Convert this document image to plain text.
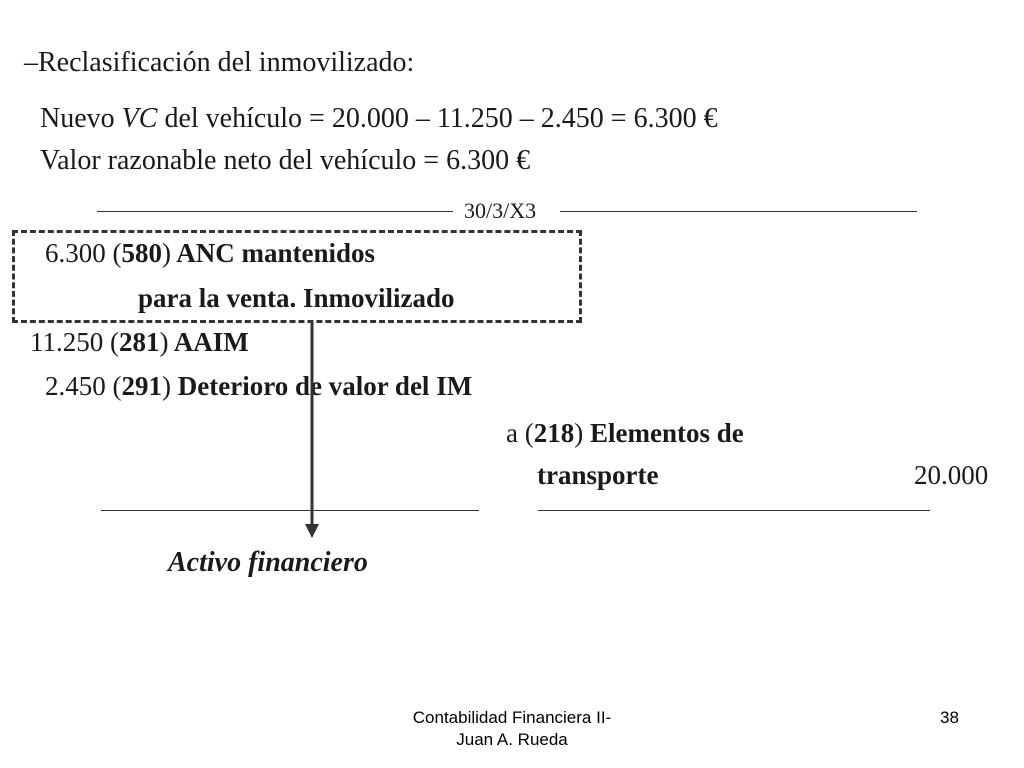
–Reclasificación del inmovilizado:
Nuevo VC del vehículo = 20.000 – 11.250 – 2.450 = 6.300 €
Valor razonable neto del vehículo = 6.300 €
30/3/X3
6.300 (580) ANC mantenidos
para la venta. Inmovilizado
11.250 (281) AAIM
2.450 (291) Deterioro de valor del IM
a (218) Elementos de
transporte	20.000
Activo financiero
Contabilidad Financiera II-
Juan A. Rueda
38
